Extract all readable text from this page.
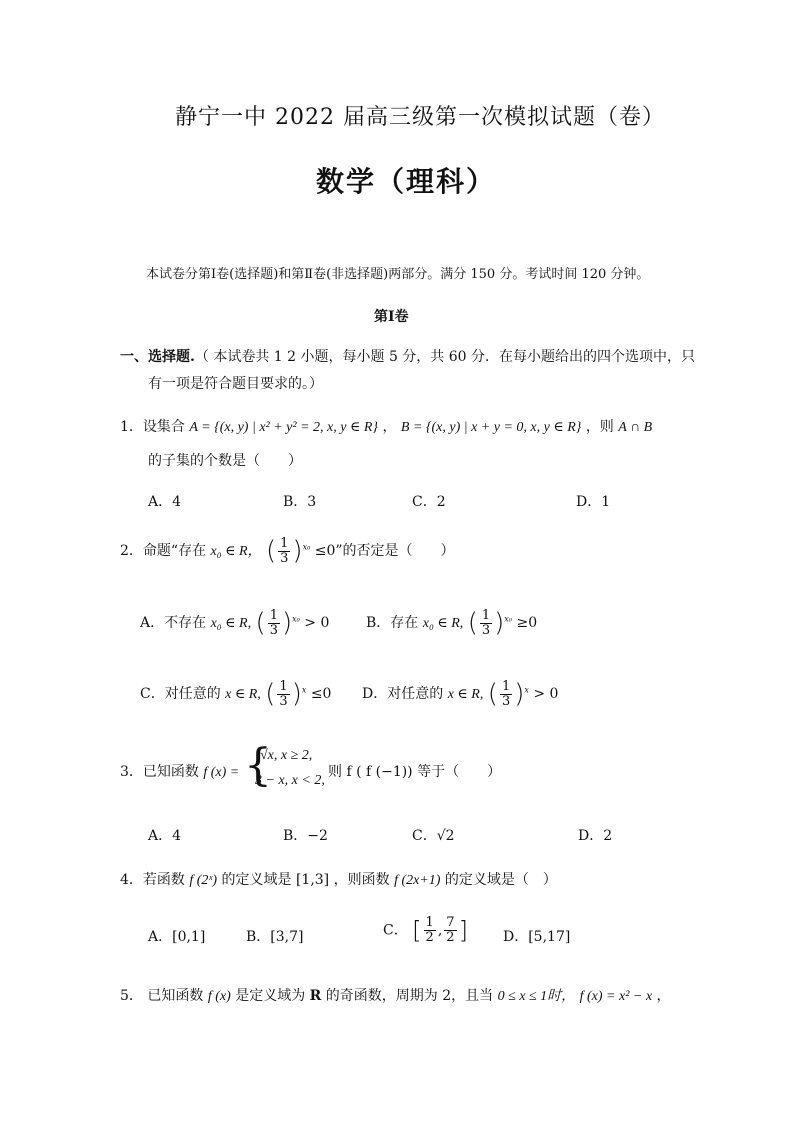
静宁一中 2022 届高三级第一次模拟试题（卷）
数学（理科）
本试卷分第Ⅰ卷(选择题)和第Ⅱ卷(非选择题)两部分。满分 150 分。考试时间 120 分钟。
第Ⅰ卷
一、选择题.（ 本试卷共 1 2 小题，每小题 5 分，共 60 分．在每小题给出的四个选项中，只
有一项是符合题目要求的。）
1．设集合 A = {(x, y) | x² + y² = 2, x, y ∈ R} ， B = {(x, y) | x + y = 0, x, y ∈ R} ，则 A ∩ B
的子集的个数是（　　）
A．4	B．3	C．2	D．1
2．命题“存在 x₀ ∈ R， ( $\frac{1}{3} )^{x_0} \le 0$”的否定是（　　）
A．不存在 x₀ ∈ R, ( $\frac{1}{3} )^{x_0} > 0$	B．存在 x₀ ∈ R, ( $\frac{1}{3} )^{x_0} \ge 0$
C．对任意的 x ∈ R, ( $\frac{1}{3} )^x \le 0$ D．对任意的 x ∈ R, ( $\frac{1}{3} )^x > 0$
3．已知函数 f (x) = {
√x, x ≥ 2,
3 − x, x < 2,
则 f ( f (−1)) 等于（　　）
A．4	B．−2	C．√2	D．2
4．若函数 f (2ˣ) 的定义域是 [1,3] ，则函数 f (2x+1) 的定义域是（　）
A．[0,1]	B．[3,7]	C． [ $\frac{1}{2}$ , $\frac{7}{2}$ ]	D．[5,17]
5． 已知函数 f (x) 是定义域为 R 的奇函数，周期为 2，且当 0 ≤ x ≤ 1时， f (x) = x² − x ，
